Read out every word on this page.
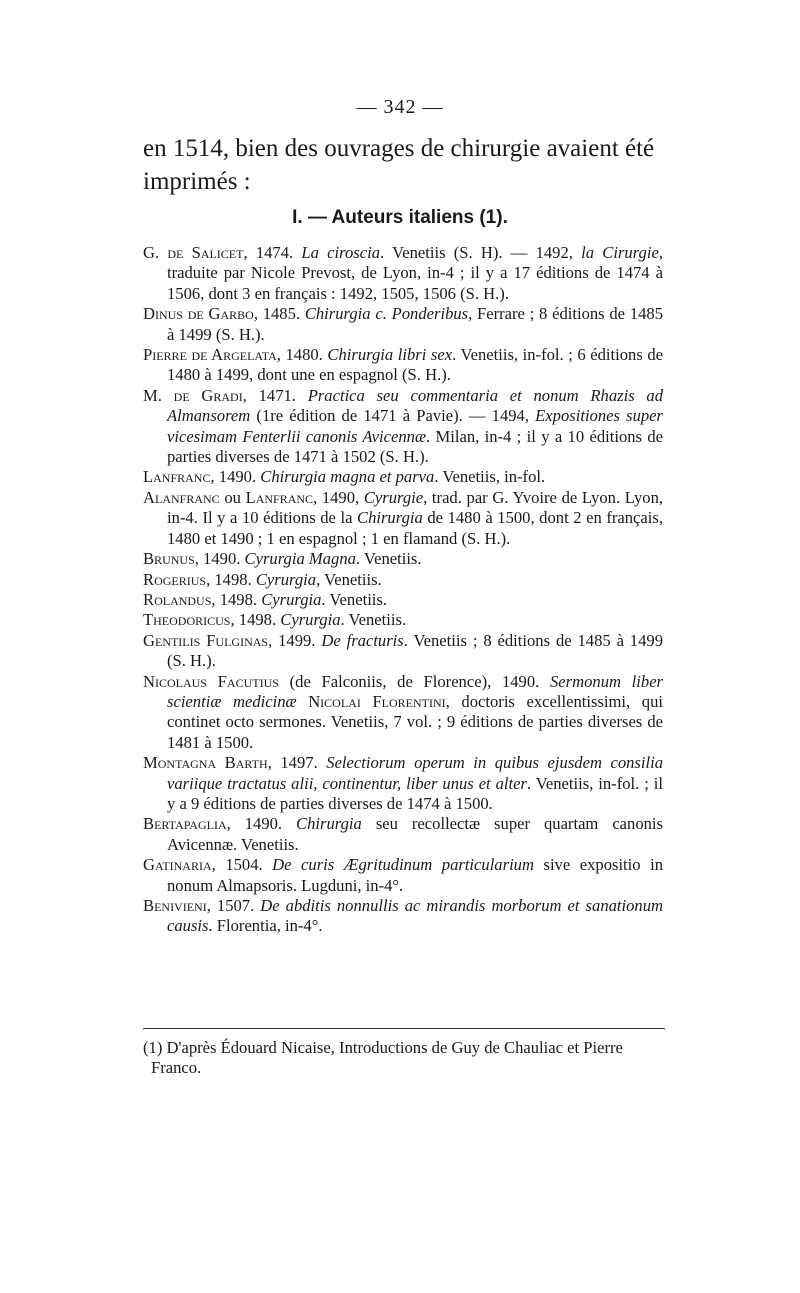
— 342 —

en 1514, bien des ouvrages de chirurgie avaient été imprimés :

I. — Auteurs italiens (1).

G. de Salicet, 1474. La ciroscia. Venetiis (S. H). — 1492, la Cirurgie, traduite par Nicole Prevost, de Lyon, in-4 ; il y a 17 éditions de 1474 à 1506, dont 3 en français : 1492, 1505, 1506 (S. H.).

Dinus de Garbo, 1485. Chirurgia c. Ponderibus, Ferrare ; 8 éditions de 1485 à 1499 (S. H.).

Pierre de Argelata, 1480. Chirurgia libri sex. Venetiis, in-fol. ; 6 éditions de 1480 à 1499, dont une en espagnol (S. H.).

M. de Gradi, 1471. Practica seu commentaria et nonum Rhazis ad Almansorem (1re édition de 1471 à Pavie). — 1494, Expositiones super vicesimam Fenterlii canonis Avicennæ. Milan, in-4 ; il y a 10 éditions de parties diverses de 1471 à 1502 (S. H.).

Lanfranc, 1490. Chirurgia magna et parva. Venetiis, in-fol.

Alanfranc ou Lanfranc, 1490, Cyrurgie, trad. par G. Yvoire de Lyon. Lyon, in-4. Il y a 10 éditions de la Chirurgia de 1480 à 1500, dont 2 en français, 1480 et 1490 ; 1 en espagnol ; 1 en flamand (S. H.).

Brunus, 1490. Cyrurgia Magna. Venetiis.

Rogerius, 1498. Cyrurgia, Venetiis.

Rolandus, 1498. Cyrurgia. Venetiis.

Theodoricus, 1498. Cyrurgia. Venetiis.

Gentilis Fulginas, 1499. De fracturis. Venetiis ; 8 éditions de 1485 à 1499 (S. H.).

Nicolaus Facutius (de Falconiis, de Florence), 1490. Sermonum liber scientiæ medicinæ Nicolai Florentini, doctoris excellentissimi, qui continet octo sermones. Venetiis, 7 vol. ; 9 éditions de parties diverses de 1481 à 1500.

Montagna Barth, 1497. Selectiorum operum in quibus ejusdem consilia variique tractatus alii, continentur, liber unus et alter. Venetiis, in-fol. ; il y a 9 éditions de parties diverses de 1474 à 1500.

Bertapaglia, 1490. Chirurgia seu recollectæ super quartam canonis Avicennæ. Venetiis.

Gatinaria, 1504. De curis Ægritudinum particularium sive expositio in nonum Almapsoris. Lugduni, in-4°.

Benivieni, 1507. De abditis nonnullis ac mirandis morborum et sanationum causis. Florentia, in-4°.

(1) D'après Édouard Nicaise, Introductions de Guy de Chauliac et Pierre Franco.
